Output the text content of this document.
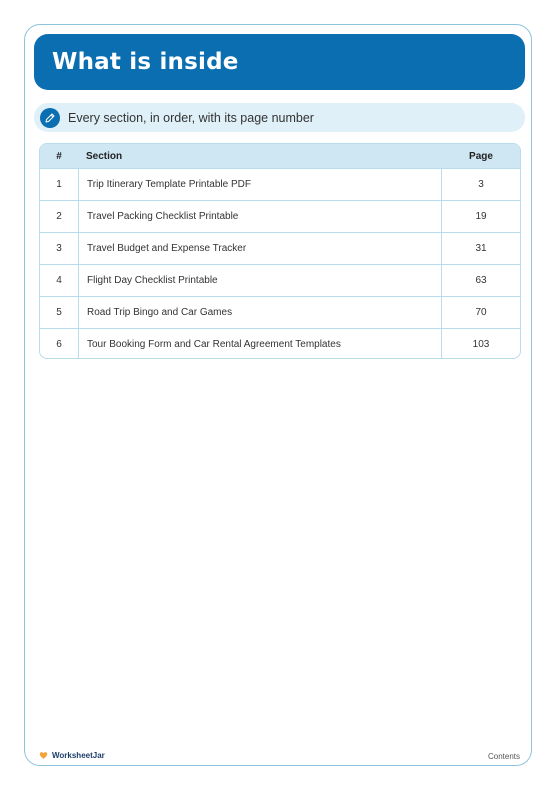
What is inside
Every section, in order, with its page number
#	Section	Page
1	Trip Itinerary Template Printable PDF	3
2	Travel Packing Checklist Printable	19
3	Travel Budget and Expense Tracker	31
4	Flight Day Checklist Printable	63
5	Road Trip Bingo and Car Games	70
6	Tour Booking Form and Car Rental Agreement Templates	103
WorksheetJar	Contents
